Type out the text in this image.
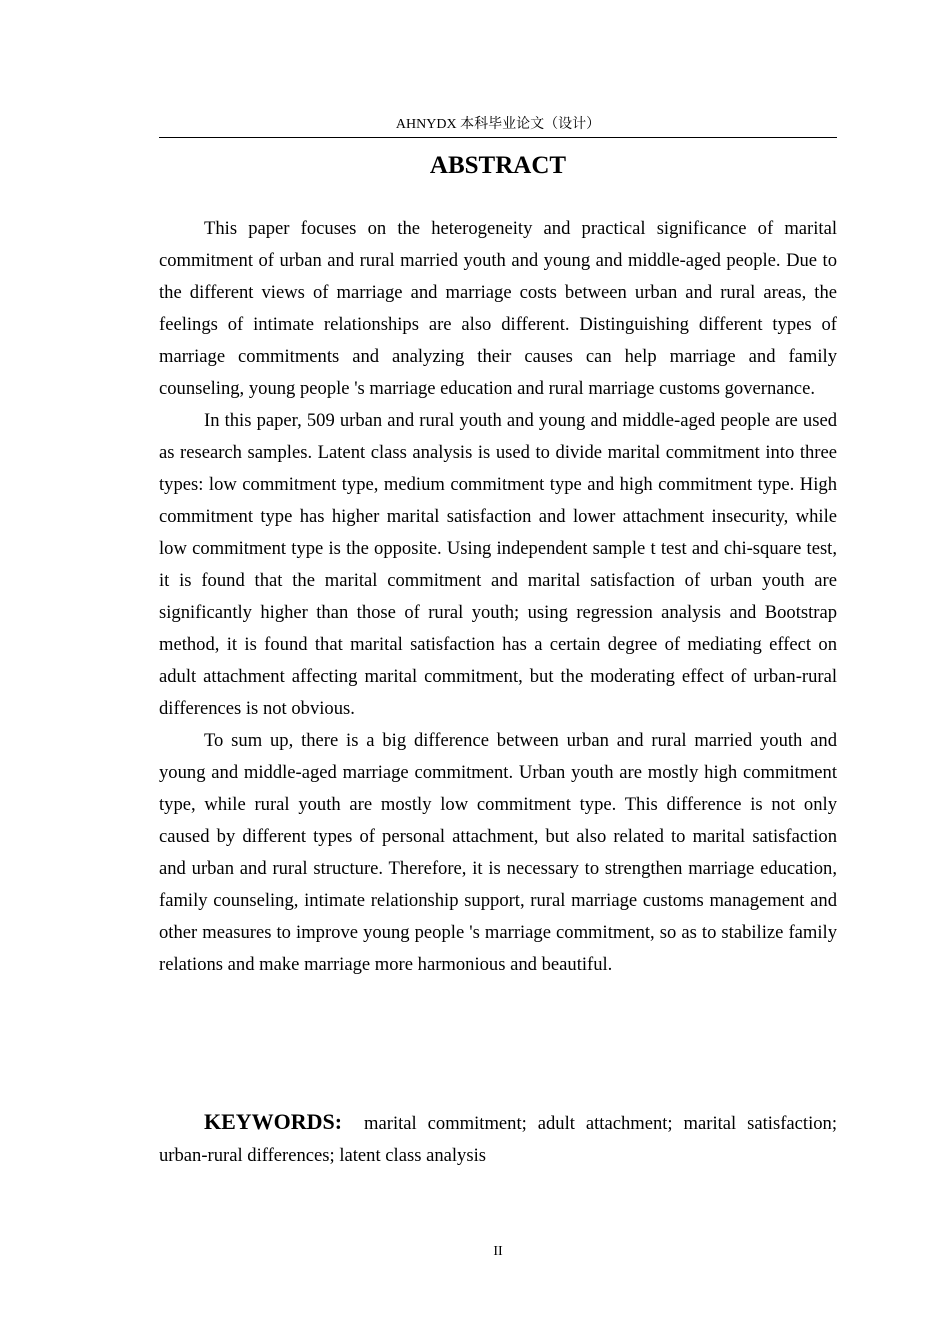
AHNYDX 本科毕业论文（设计）
ABSTRACT

This paper focuses on the heterogeneity and practical significance of marital commitment of urban and rural married youth and young and middle-aged people. Due to the different views of marriage and marriage costs between urban and rural areas, the feelings of intimate relationships are also different. Distinguishing different types of marriage commitments and analyzing their causes can help marriage and family counseling, young people 's marriage education and rural marriage customs governance.

In this paper, 509 urban and rural youth and young and middle-aged people are used as research samples. Latent class analysis is used to divide marital commitment into three types: low commitment type, medium commitment type and high commitment type. High commitment type has higher marital satisfaction and lower attachment insecurity, while low commitment type is the opposite. Using independent sample t test and chi-square test, it is found that the marital commitment and marital satisfaction of urban youth are significantly higher than those of rural youth; using regression analysis and Bootstrap method, it is found that marital satisfaction has a certain degree of mediating effect on adult attachment affecting marital commitment, but the moderating effect of urban-rural differences is not obvious.

To sum up, there is a big difference between urban and rural married youth and young and middle-aged marriage commitment. Urban youth are mostly high commitment type, while rural youth are mostly low commitment type. This difference is not only caused by different types of personal attachment, but also related to marital satisfaction and urban and rural structure. Therefore, it is necessary to strengthen marriage education, family counseling, intimate relationship support, rural marriage customs management and other measures to improve young people 's marriage commitment, so as to stabilize family relations and make marriage more harmonious and beautiful.

KEYWORDS: marital commitment; adult attachment; marital satisfaction; urban-rural differences; latent class analysis

II
